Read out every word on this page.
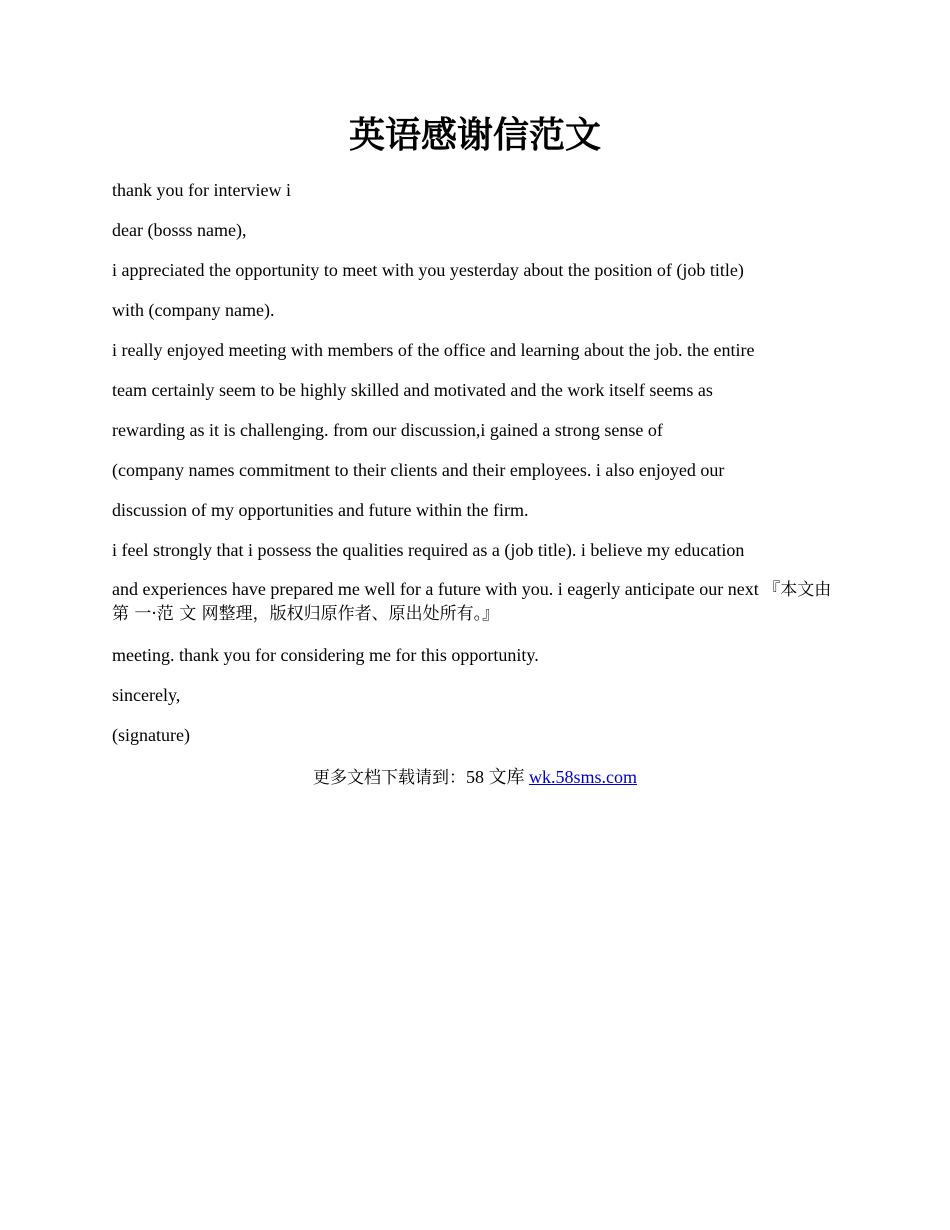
英语感谢信范文

thank you for interview i

dear (bosss name),

i appreciated the opportunity to meet with you yesterday about the position of (job title)

with (company name).

i really enjoyed meeting with members of the office and learning about the job. the entire

team certainly seem to be highly skilled and motivated and the work itself seems as

rewarding as it is challenging. from our discussion,i gained a strong sense of

(company names commitment to their clients and their employees. i also enjoyed our

discussion of my opportunities and future within the firm.

i feel strongly that i possess the qualities required as a (job title). i believe my education

and experiences have prepared me well for a future with you. i eagerly anticipate our next 『本文由第 一·范 文 网整理，版权归原作者、原出处所有。』

meeting. thank you for considering me for this opportunity.

sincerely,

(signature)

更多文档下载请到：58 文库 wk.58sms.com
